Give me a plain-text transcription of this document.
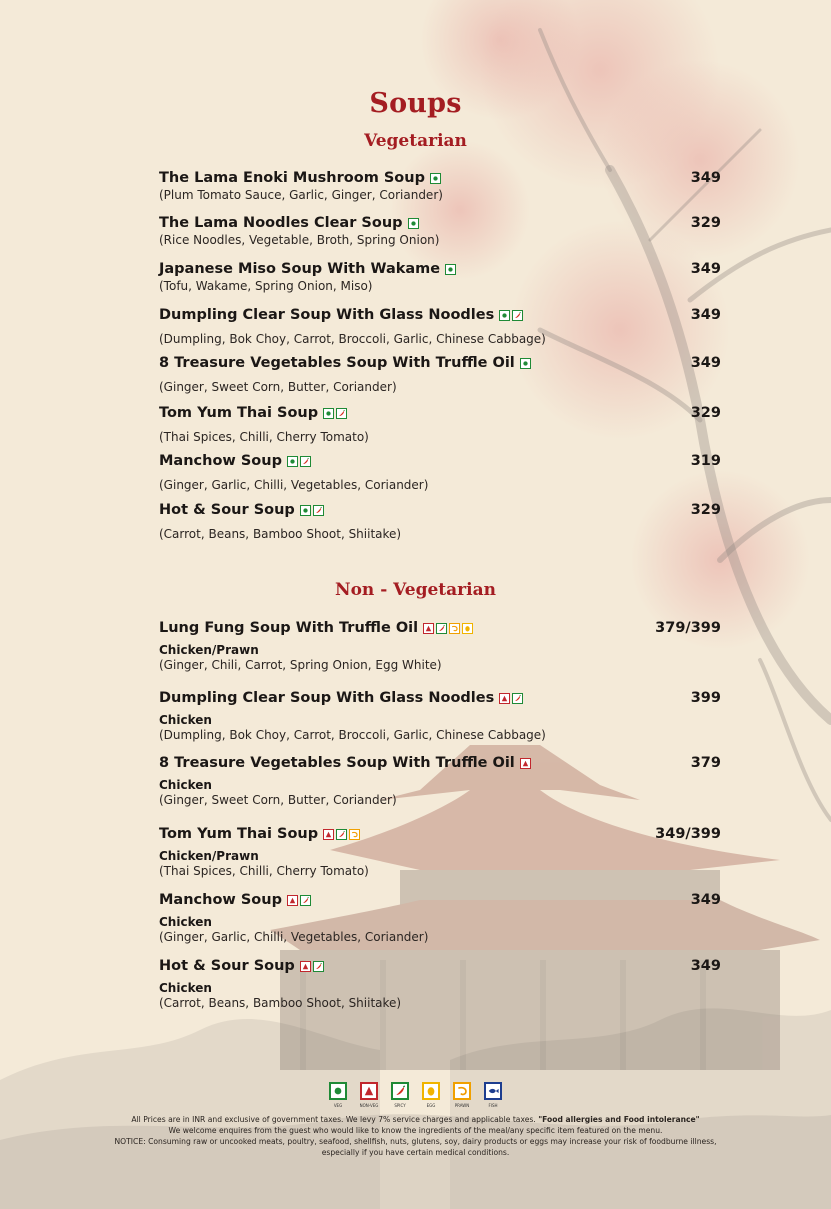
Soups
Vegetarian
The Lama Enoki Mushroom Soup	349
(Plum Tomato Sauce, Garlic, Ginger, Coriander)
The Lama Noodles Clear Soup	329
(Rice Noodles, Vegetable, Broth, Spring Onion)
Japanese Miso Soup With Wakame	349
(Tofu, Wakame, Spring Onion, Miso)
Dumpling Clear Soup With Glass Noodles	349
(Dumpling, Bok Choy, Carrot, Broccoli, Garlic, Chinese Cabbage)
8 Treasure Vegetables Soup With Truffle Oil	349
(Ginger, Sweet Corn, Butter, Coriander)
Tom Yum Thai Soup	329
(Thai Spices, Chilli, Cherry Tomato)
Manchow Soup	319
(Ginger, Garlic, Chilli, Vegetables, Coriander)
Hot & Sour Soup	329
(Carrot, Beans, Bamboo Shoot, Shiitake)
Non - Vegetarian
Lung Fung Soup With Truffle Oil	379/399
Chicken/Prawn
(Ginger, Chili, Carrot, Spring Onion, Egg White)
Dumpling Clear Soup With Glass Noodles	399
Chicken
(Dumpling, Bok Choy, Carrot, Broccoli, Garlic, Chinese Cabbage)
8 Treasure Vegetables Soup With Truffle Oil	379
Chicken
(Ginger, Sweet Corn, Butter, Coriander)
Tom Yum Thai Soup	349/399
Chicken/Prawn
(Thai Spices, Chilli, Cherry Tomato)
Manchow Soup	349
Chicken
(Ginger, Garlic, Chilli, Vegetables, Coriander)
Hot & Sour Soup	349
Chicken
(Carrot, Beans, Bamboo Shoot, Shiitake)
VEG	NON-VEG	SPICY	EGG	PRAWN	FISH
All Prices are in INR and exclusive of government taxes. We levy 7% service charges and applicable taxes. "Food allergies and Food intolerance"
We welcome enquires from the guest who would like to know the ingredients of the meal/any specific item featured on the menu.
NOTICE: Consuming raw or uncooked meats, poultry, seafood, shellfish, nuts, glutens, soy, dairy products or eggs may increase your risk of foodburne illness,
especially if you have certain medical conditions.
